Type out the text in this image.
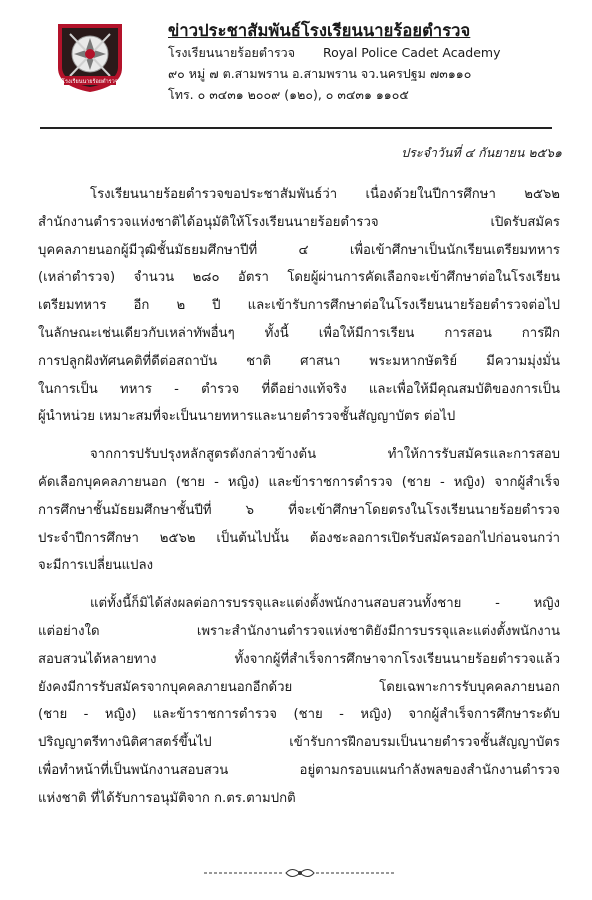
โรงเรียนนายร้อยตำรวจ
ข่าวประชาสัมพันธ์โรงเรียนนายร้อยตำรวจ
โรงเรียนนายร้อยตำรวจ Royal Police Cadet Academy
๙๐ หมู่ ๗ ต.สามพราน อ.สามพราน จว.นครปฐม ๗๓๑๑๐
โทร. ๐ ๓๔๓๑ ๒๐๐๙ (๑๒๐), ๐ ๓๔๓๑ ๑๑๐๕
ประจำวันที่ ๔ กันยายน ๒๕๖๑

โรงเรียนนายร้อยตำรวจขอประชาสัมพันธ์ว่า เนื่องด้วยในปีการศึกษา ๒๕๖๒
สำนักงานตำรวจแห่งชาติได้อนุมัติให้โรงเรียนนายร้อยตำรวจ เปิดรับสมัคร
บุคคลภายนอกผู้มีวุฒิชั้นมัธยมศึกษาปีที่ ๔ เพื่อเข้าศึกษาเป็นนักเรียนเตรียมทหาร
(เหล่าตำรวจ) จำนวน ๒๘๐ อัตรา โดยผู้ผ่านการคัดเลือกจะเข้าศึกษาต่อในโรงเรียน
เตรียมทหาร อีก ๒ ปี และเข้ารับการศึกษาต่อในโรงเรียนนายร้อยตำรวจต่อไป
ในลักษณะเช่นเดียวกับเหล่าทัพอื่นๆ ทั้งนี้ เพื่อให้มีการเรียน การสอน การฝึก
การปลูกฝังทัศนคติที่ดีต่อสถาบัน ชาติ ศาสนา พระมหากษัตริย์ มีความมุ่งมั่น
ในการเป็น ทหาร - ตำรวจ ที่ดีอย่างแท้จริง และเพื่อให้มีคุณสมบัติของการเป็น
ผู้นำหน่วย เหมาะสมที่จะเป็นนายทหารและนายตำรวจชั้นสัญญาบัตร ต่อไป

จากการปรับปรุงหลักสูตรดังกล่าวข้างต้น ทำให้การรับสมัครและการสอบ
คัดเลือกบุคคลภายนอก (ชาย - หญิง) และข้าราชการตำรวจ (ชาย - หญิง) จากผู้สำเร็จ
การศึกษาชั้นมัธยมศึกษาชั้นปีที่ ๖ ที่จะเข้าศึกษาโดยตรงในโรงเรียนนายร้อยตำรวจ
ประจำปีการศึกษา ๒๕๖๒ เป็นต้นไปนั้น ต้องชะลอการเปิดรับสมัครออกไปก่อนจนกว่า
จะมีการเปลี่ยนแปลง

แต่ทั้งนี้ก็มิได้ส่งผลต่อการบรรจุและแต่งตั้งพนักงานสอบสวนทั้งชาย - หญิง
แต่อย่างใด เพราะสำนักงานตำรวจแห่งชาติยังมีการบรรจุและแต่งตั้งพนักงาน
สอบสวนได้หลายทาง ทั้งจากผู้ที่สำเร็จการศึกษาจากโรงเรียนนายร้อยตำรวจแล้ว
ยังคงมีการรับสมัครจากบุคคลภายนอกอีกด้วย โดยเฉพาะการรับบุคคลภายนอก
(ชาย - หญิง) และข้าราชการตำรวจ (ชาย - หญิง) จากผู้สำเร็จการศึกษาระดับ
ปริญญาตรีทางนิติศาสตร์ขึ้นไป เข้ารับการฝึกอบรมเป็นนายตำรวจชั้นสัญญาบัตร
เพื่อทำหน้าที่เป็นพนักงานสอบสวน อยู่ตามกรอบแผนกำลังพลของสำนักงานตำรวจ
แห่งชาติ ที่ได้รับการอนุมัติจาก ก.ตร.ตามปกติ
